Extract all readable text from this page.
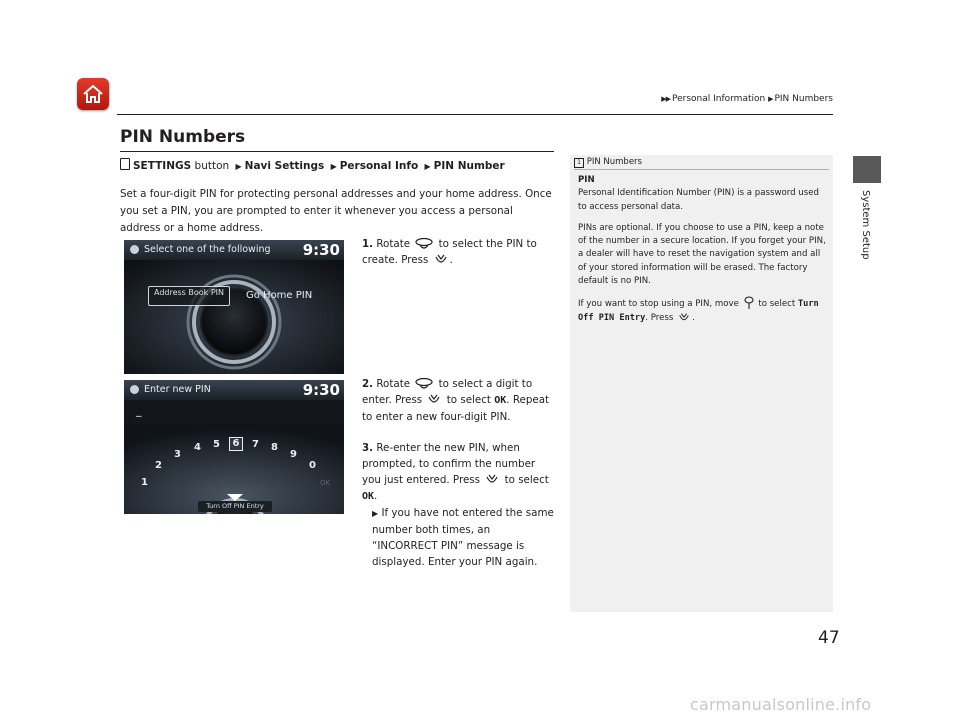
▶▶ Personal Information ▶ PIN Numbers
PIN Numbers
SETTINGS button ▶ Navi Settings ▶ Personal Info ▶ PIN Number
Set a four-digit PIN for protecting personal addresses and your home address. Once you set a PIN, you are prompted to enter it whenever you access a personal address or a home address.
Select one of the following 9:30
Address Book PIN	Go Home PIN
Enter new PIN	9:30
_
1
2
3
4 5	6	7 8
9
0
OK
Turn Off PIN Entry
1. Rotate	to select the PIN to create. Press .
2. Rotate	to select a digit to enter. Press to select OK. Repeat to enter a new four-digit PIN.
3. Re-enter the new PIN, when prompted, to confirm the number you just entered. Press to select OK.
▶ If you have not entered the same number both times, an “INCORRECT PIN” message is displayed. Enter your PIN again.
1 PIN Numbers

PIN

Personal Identification Number (PIN) is a password used to access personal data.

PINs are optional. If you choose to use a PIN, keep a note of the number in a secure location. If you forget your PIN, a dealer will have to reset the navigation system and all of your stored information will be erased. The factory default is no PIN.

If you want to stop using a PIN, move to select Turn Off PIN Entry. Press .

System Setup
47
carmanualsonline.info
